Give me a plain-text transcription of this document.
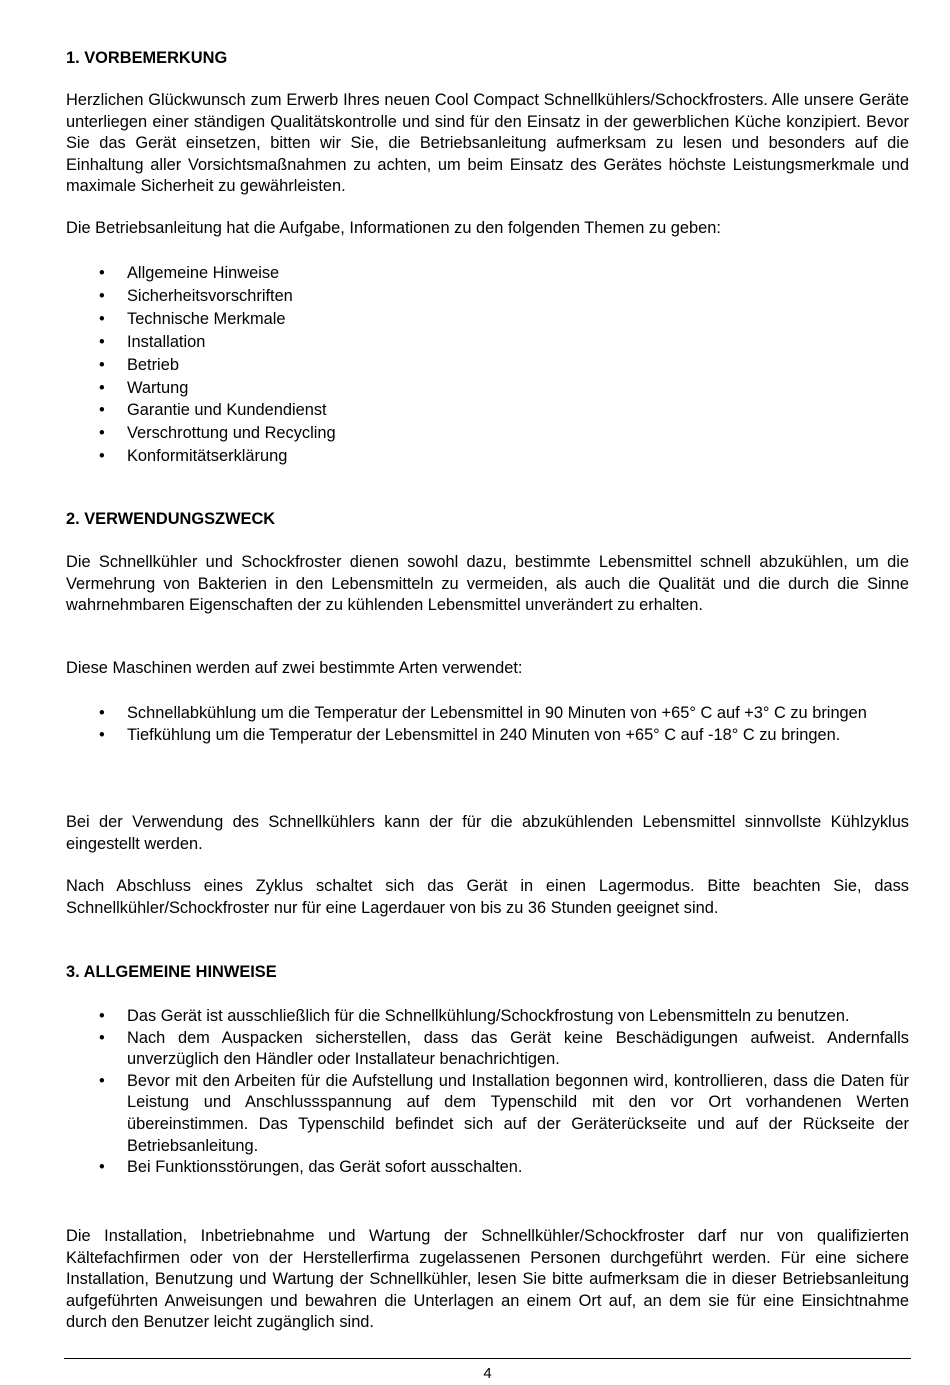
1. VORBEMERKUNG

Herzlichen Glückwunsch zum Erwerb Ihres neuen Cool Compact Schnellkühlers/Schockfrosters. Alle unsere Geräte unterliegen einer ständigen Qualitätskontrolle und sind für den Einsatz in der gewerblichen Küche konzipiert. Bevor Sie das Gerät einsetzen, bitten wir Sie, die Betriebsanleitung aufmerksam zu lesen und besonders auf die Einhaltung aller Vorsichtsmaßnahmen zu achten, um beim Einsatz des Gerätes höchste Leistungsmerkmale und maximale Sicherheit zu gewährleisten.

Die Betriebsanleitung hat die Aufgabe, Informationen zu den folgenden Themen zu geben:

• Allgemeine Hinweise
• Sicherheitsvorschriften
• Technische Merkmale
• Installation
• Betrieb
• Wartung
• Garantie und Kundendienst
• Verschrottung und Recycling
• Konformitätserklärung
2. VERWENDUNGSZWECK

Die Schnellkühler und Schockfroster dienen sowohl dazu, bestimmte Lebensmittel schnell abzukühlen, um die Vermehrung von Bakterien in den Lebensmitteln zu vermeiden, als auch die Qualität und die durch die Sinne wahrnehmbaren Eigenschaften der zu kühlenden Lebensmittel unverändert zu erhalten.

Diese Maschinen werden auf zwei bestimmte Arten verwendet:

• Schnellabkühlung um die Temperatur der Lebensmittel in 90 Minuten von +65° C auf +3° C zu bringen
• Tiefkühlung um die Temperatur der Lebensmittel in 240 Minuten von +65° C auf -18° C zu bringen.

Bei der Verwendung des Schnellkühlers kann der für die abzukühlenden Lebensmittel sinnvollste Kühlzyklus eingestellt werden.

Nach Abschluss eines Zyklus schaltet sich das Gerät in einen Lagermodus. Bitte beachten Sie, dass Schnellkühler/Schockfroster nur für eine Lagerdauer von bis zu 36 Stunden geeignet sind.

3. ALLGEMEINE HINWEISE
• Das Gerät ist ausschließlich für die Schnellkühlung/Schockfrostung von Lebensmitteln zu benutzen.
• Nach dem Auspacken sicherstellen, dass das Gerät keine Beschädigungen aufweist. Andernfalls unverzüglich den Händler oder Installateur benachrichtigen.
• Bevor mit den Arbeiten für die Aufstellung und Installation begonnen wird, kontrollieren, dass die Daten für Leistung und Anschlussspannung auf dem Typenschild mit den vor Ort vorhandenen Werten übereinstimmen. Das Typenschild befindet sich auf der Geräterückseite und auf der Rückseite der Betriebsanleitung.
• Bei Funktionsstörungen, das Gerät sofort ausschalten.

Die Installation, Inbetriebnahme und Wartung der Schnellkühler/Schockfroster darf nur von qualifizierten Kältefachfirmen oder von der Herstellerfirma zugelassenen Personen durchgeführt werden. Für eine sichere Installation, Benutzung und Wartung der Schnellkühler, lesen Sie bitte aufmerksam die in dieser Betriebsanleitung aufgeführten Anweisungen und bewahren die Unterlagen an einem Ort auf, an dem sie für eine Einsichtnahme durch den Benutzer leicht zugänglich sind.

4
